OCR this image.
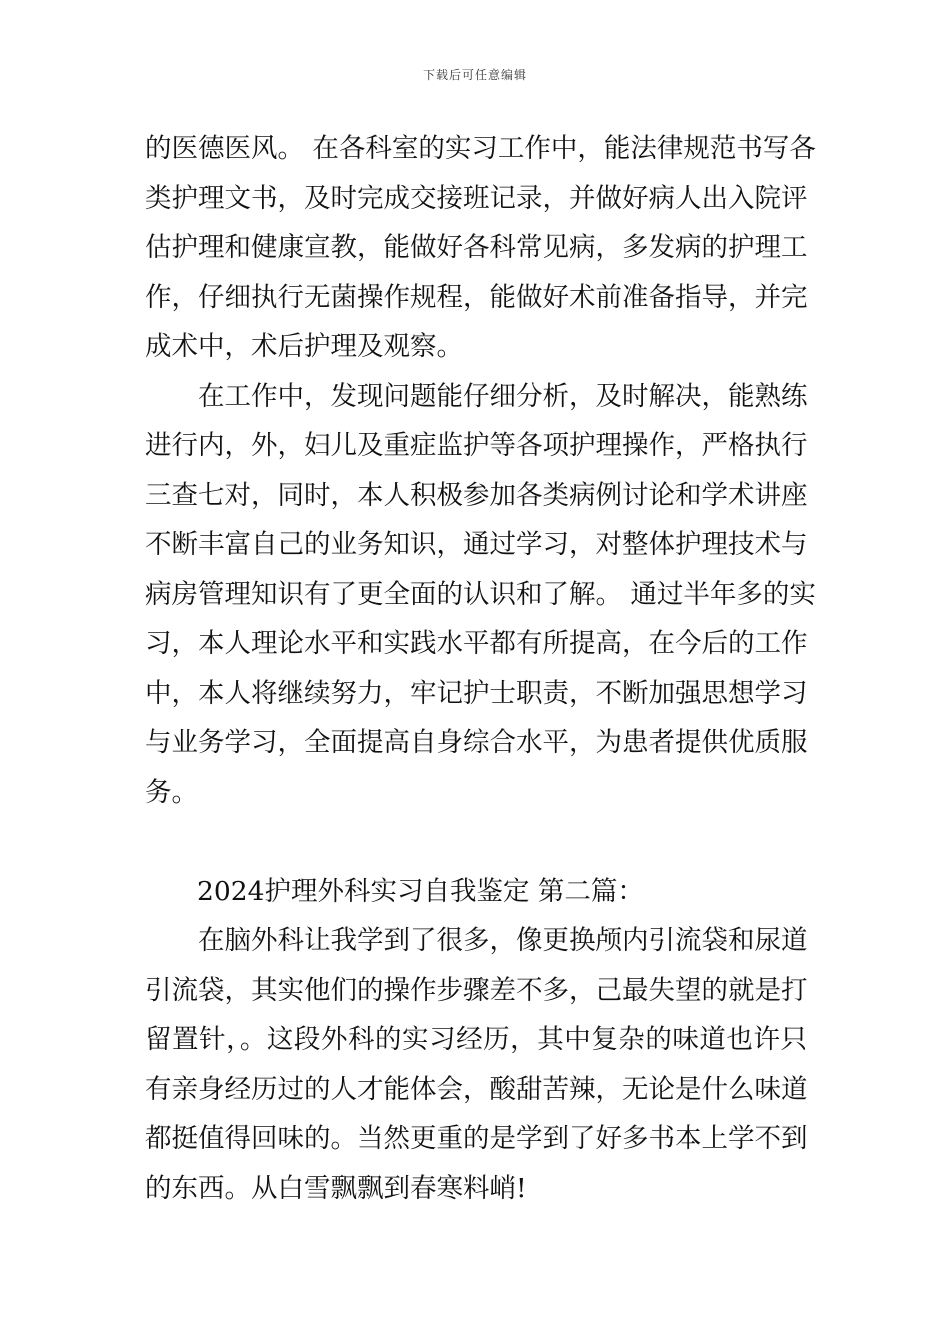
下载后可任意编辑
的医德医风。 在各科室的实习工作中，能法律规范书写各
类护理文书，及时完成交接班记录，并做好病人出入院评
估护理和健康宣教，能做好各科常见病，多发病的护理工
作，仔细执行无菌操作规程，能做好术前准备指导，并完
成术中，术后护理及观察。
　　在工作中，发现问题能仔细分析，及时解决，能熟练
进行内，外，妇儿及重症监护等各项护理操作，严格执行
三查七对，同时，本人积极参加各类病例讨论和学术讲座
不断丰富自己的业务知识，通过学习，对整体护理技术与
病房管理知识有了更全面的认识和了解。 通过半年多的实
习，本人理论水平和实践水平都有所提高，在今后的工作
中，本人将继续努力，牢记护士职责，不断加强思想学习
与业务学习，全面提高自身综合水平，为患者提供优质服
务。
2024护理外科实习自我鉴定 第二篇：
　　在脑外科让我学到了很多，像更换颅内引流袋和尿道
引流袋，其实他们的操作步骤差不多，己最失望的就是打
留置针，。这段外科的实习经历，其中复杂的味道也许只
有亲身经历过的人才能体会，酸甜苦辣，无论是什么味道
都挺值得回味的。当然更重的是学到了好多书本上学不到
的东西。从白雪飘飘到春寒料峭!
